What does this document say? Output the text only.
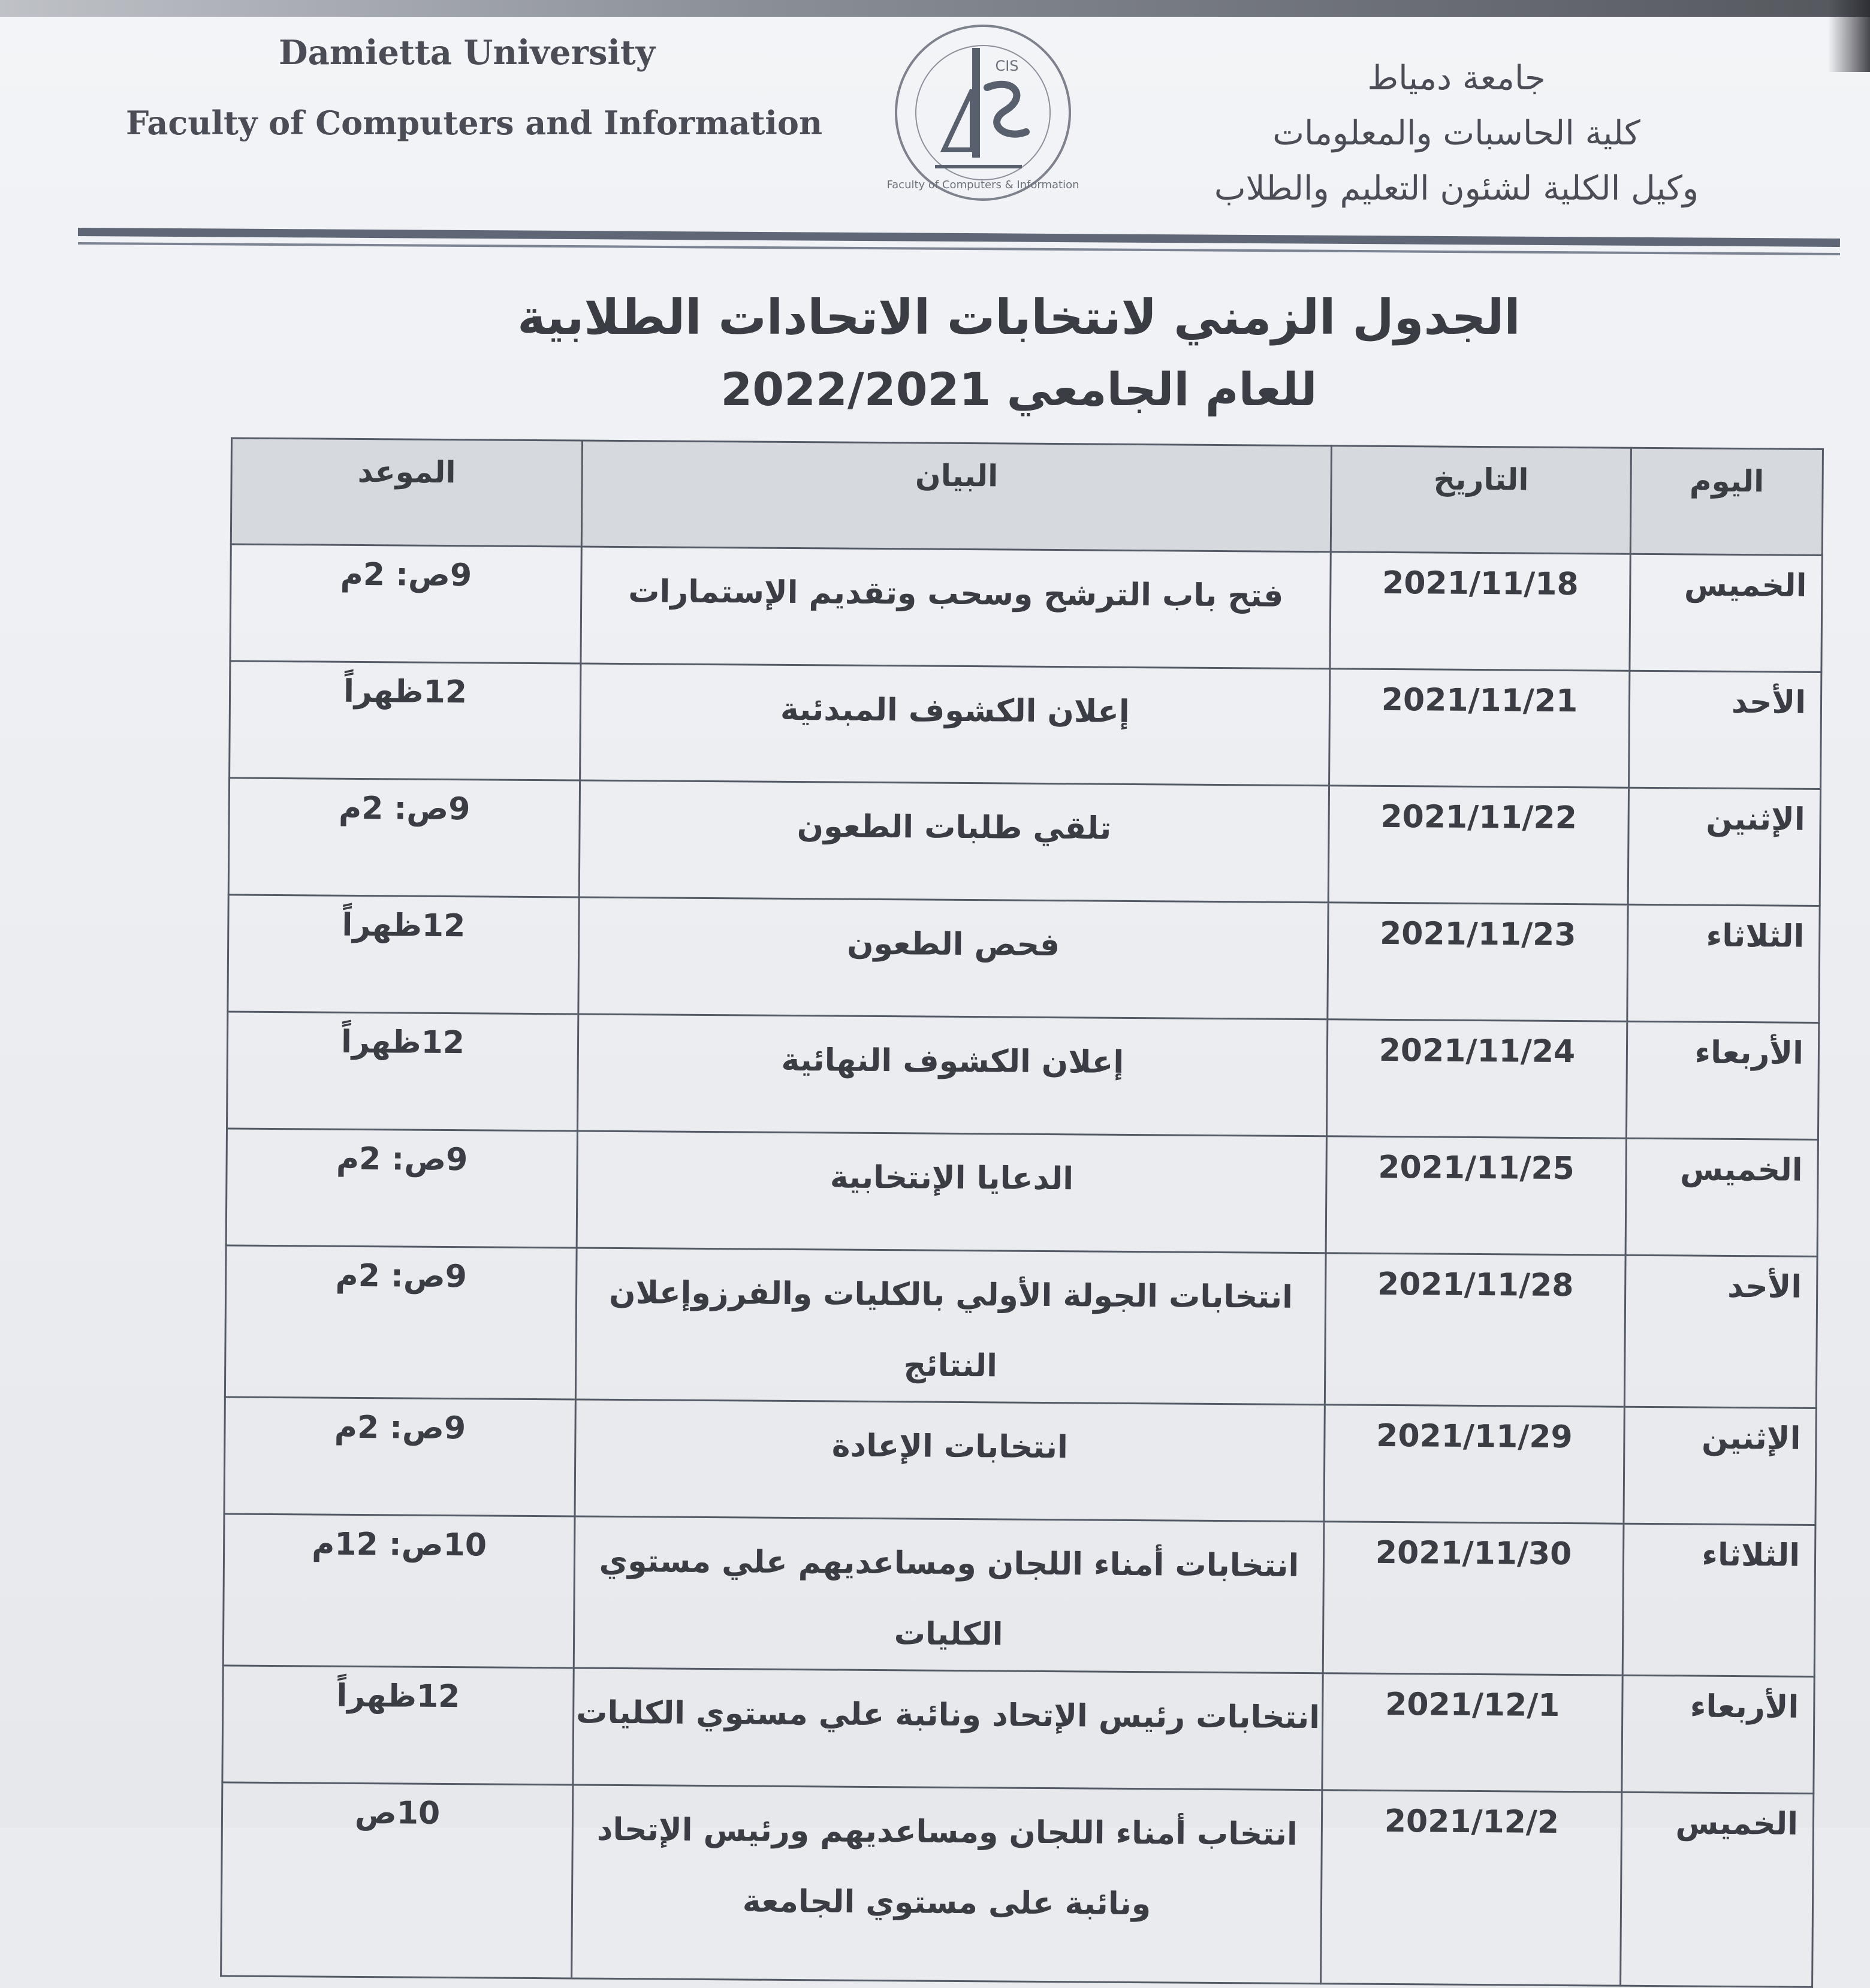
Damietta University
Faculty of Computers and Information
Faculty of Computers & Information
CIS	جامعة دمياط
كلية الحاسبات والمعلومات
وكيل الكلية لشئون التعليم والطلاب
الجدول الزمني لانتخابات الاتحادات الطلابية
للعام الجامعي 2022/2021
اليوم	التاريخ	البيان	الموعد
الخميس	2021/11/18	فتح باب الترشح وسحب وتقديم الإستمارات	9ص: 2م
الأحد	2021/11/21	إعلان الكشوف المبدئية	12ظهراً
الإثنين	2021/11/22	تلقي طلبات الطعون	9ص: 2م
الثلاثاء	2021/11/23	فحص الطعون	12ظهراً
الأربعاء	2021/11/24	إعلان الكشوف النهائية	12ظهراً
الخميس	2021/11/25	الدعايا الإنتخابية	9ص: 2م
الأحد	2021/11/28	انتخابات الجولة الأولي بالكليات والفرزوإعلان النتائج	9ص: 2م
الإثنين	2021/11/29	انتخابات الإعادة	9ص: 2م
الثلاثاء	2021/11/30	انتخابات أمناء اللجان ومساعديهم علي مستوي الكليات	10ص: 12م
الأربعاء	2021/12/1	انتخابات رئيس الإتحاد ونائبة علي مستوي الكليات	12ظهراً
الخميس	2021/12/2	انتخاب أمناء اللجان ومساعديهم ورئيس الإتحاد ونائبة على مستوي الجامعة	10ص
